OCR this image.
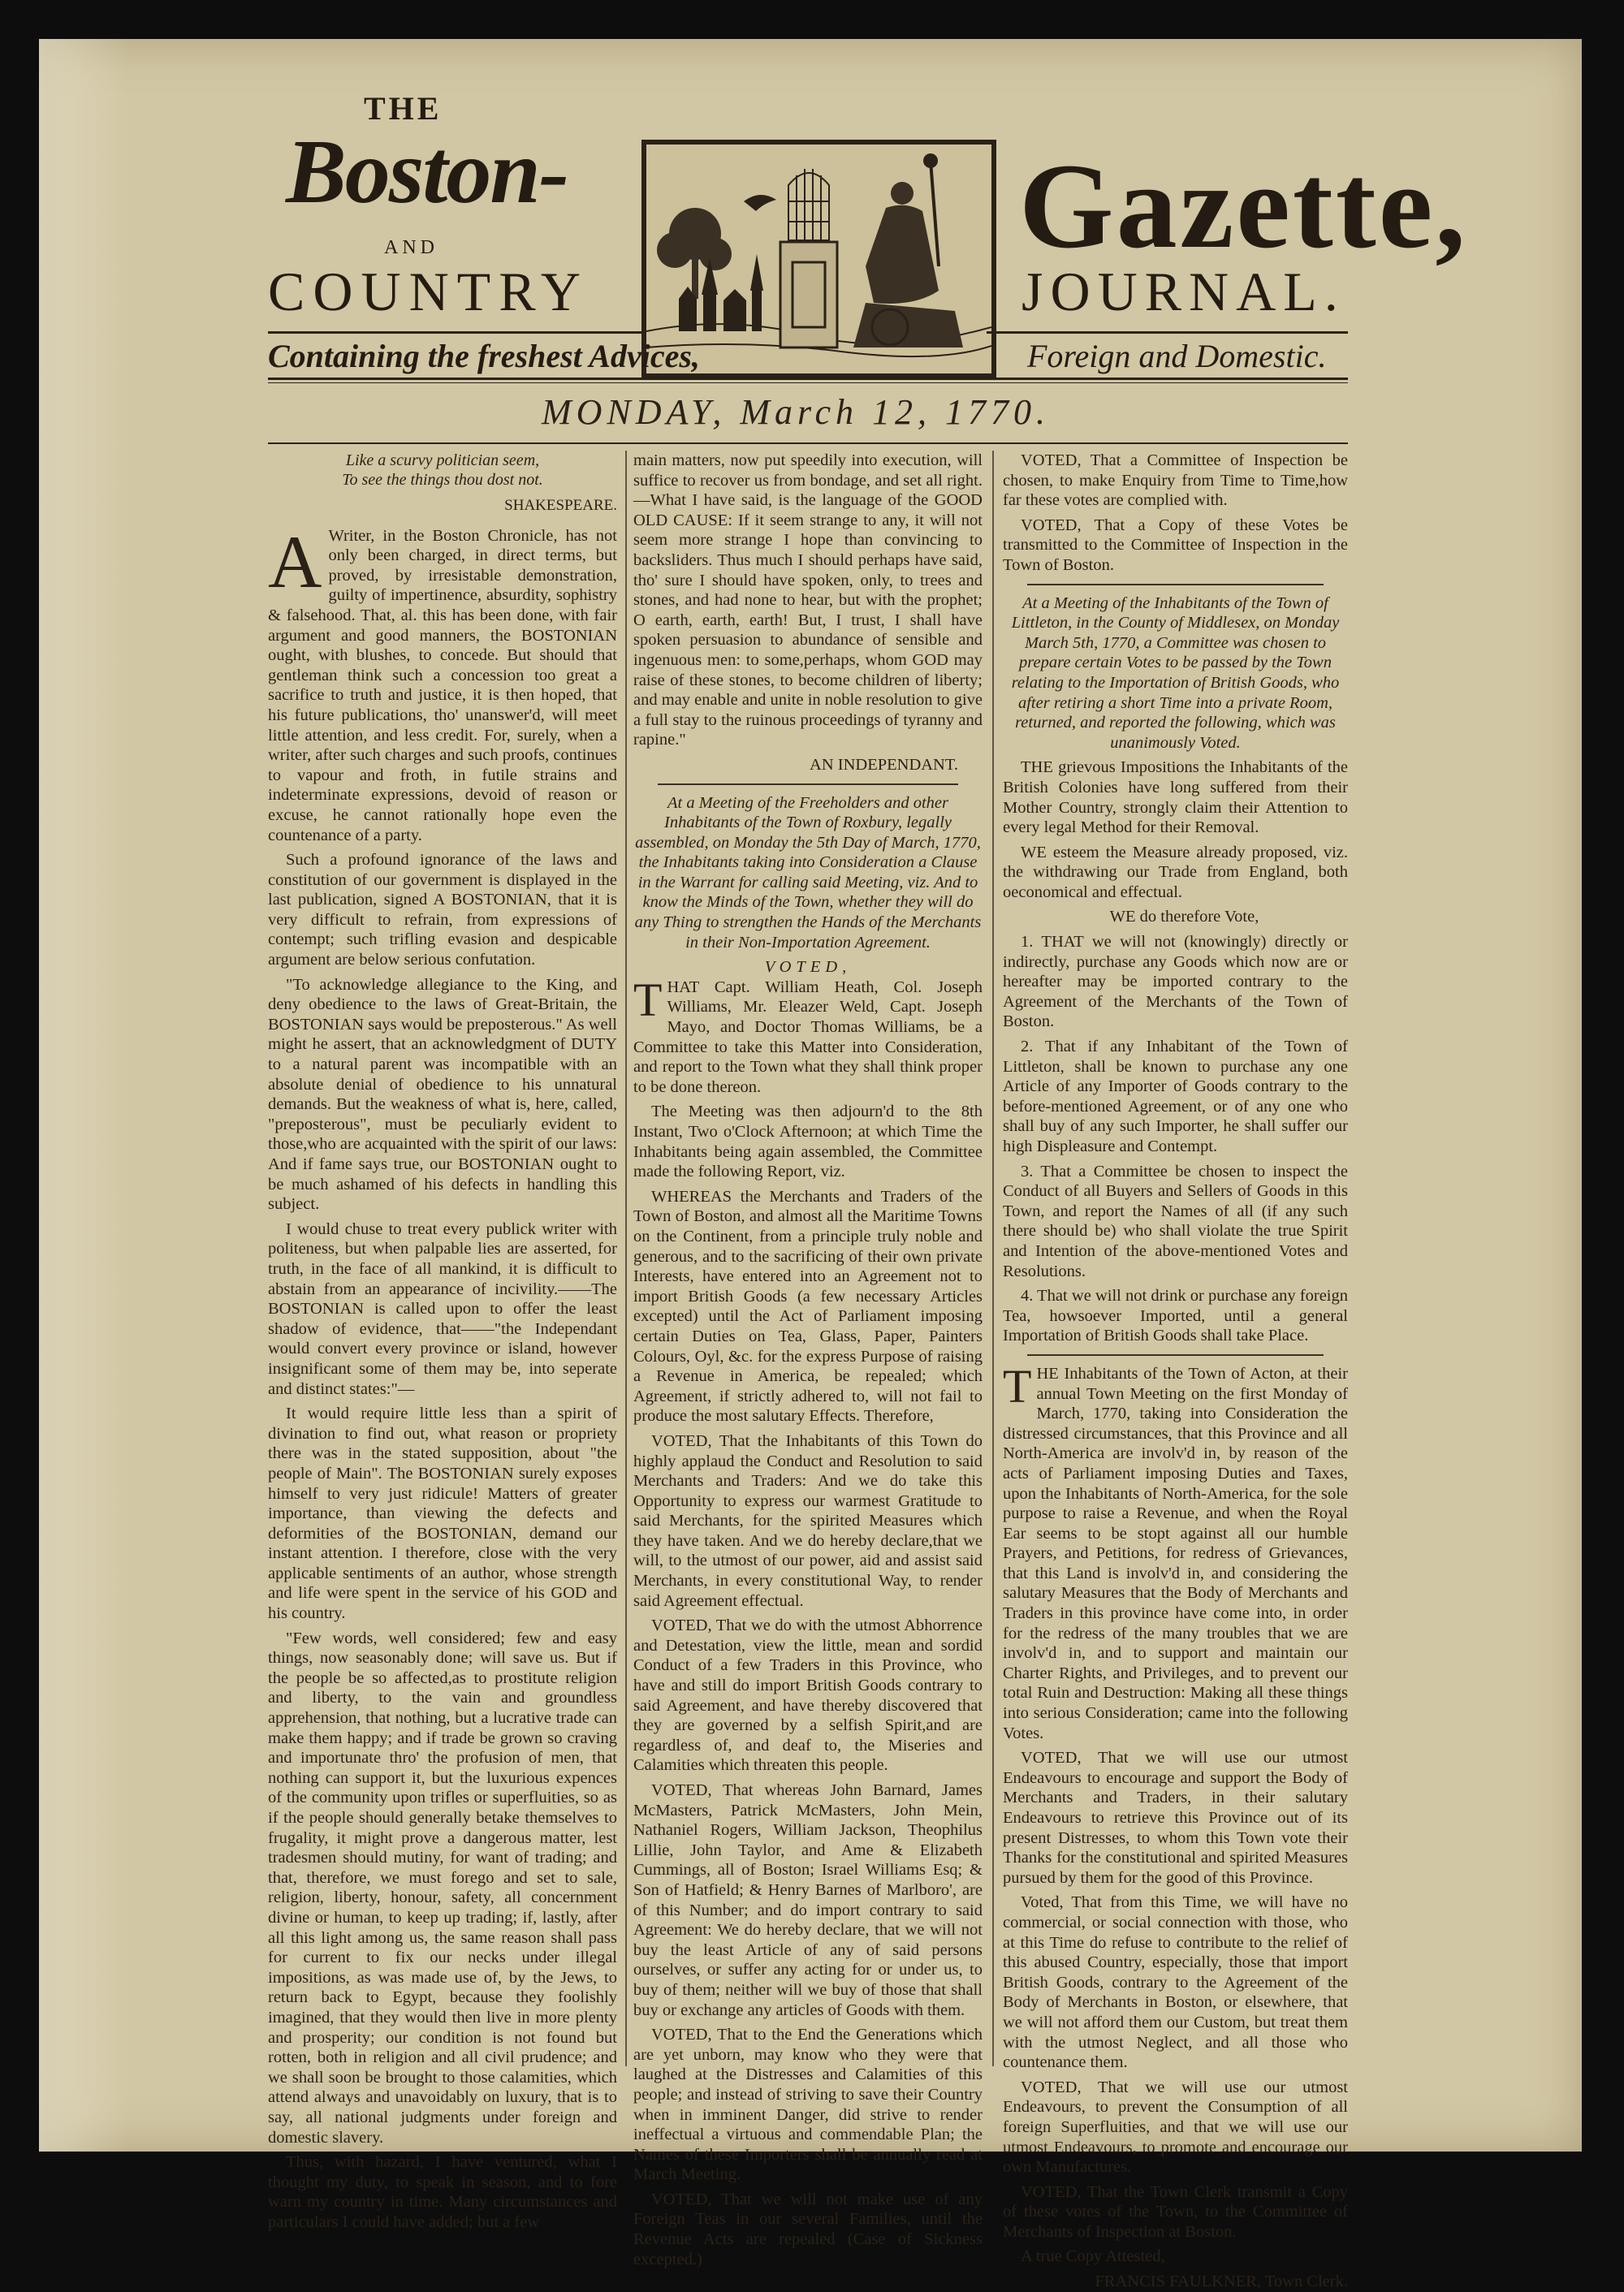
THE
Boston-
AND
COUNTRY
Gazette,
JOURNAL.
Containing the freshest Advices,	Foreign and Domestic.
MONDAY, March 12, 1770.
Like a scurvy politician seem,
To see the things thou dost not.
SHAKESPEARE.

A Writer, in the Boston Chronicle, has not only been charged, in direct terms, but proved, by irresistable demonstration, guilty of impertinence, absurdity, sophistry & falsehood. That, al. this has been done, with fair argument and good manners, the BOSTONIAN ought, with blushes, to concede. But should that gentleman think such a concession too great a sacrifice to truth and justice, it is then hoped, that his future publications, tho' unanswer'd, will meet little attention, and less credit. For, surely, when a writer, after such charges and such proofs, continues to vapour and froth, in futile strains and indeterminate expressions, devoid of reason or excuse, he cannot rationally hope even the countenance of a party.

Such a profound ignorance of the laws and constitution of our government is displayed in the last publication, signed A BOSTONIAN, that it is very difficult to refrain, from expressions of contempt; such trifling evasion and despicable argument are below serious confutation.

"To acknowledge allegiance to the King, and deny obedience to the laws of Great-Britain, the BOSTONIAN says would be preposterous." As well might he assert, that an acknowledgment of DUTY to a natural parent was incompatible with an absolute denial of obedience to his unnatural demands. But the weakness of what is, here, called, "preposterous", must be peculiarly evident to those,who are acquainted with the spirit of our laws: And if fame says true, our BOSTONIAN ought to be much ashamed of his defects in handling this subject.

I would chuse to treat every publick writer with politeness, but when palpable lies are asserted, for truth, in the face of all mankind, it is difficult to abstain from an appearance of incivility.——The BOSTONIAN is called upon to offer the least shadow of evidence, that——"the Independant would convert every province or island, however insignificant some of them may be, into seperate and distinct states:"—

It would require little less than a spirit of divination to find out, what reason or propriety there was in the stated supposition, about "the people of Main". The BOSTONIAN surely exposes himself to very just ridicule! Matters of greater importance, than viewing the defects and deformities of the BOSTONIAN, demand our instant attention. I therefore, close with the very applicable sentiments of an author, whose strength and life were spent in the service of his GOD and his country.

"Few words, well considered; few and easy things, now seasonably done; will save us. But if the people be so affected,as to prostitute religion and liberty, to the vain and groundless apprehension, that nothing, but a lucrative trade can make them happy; and if trade be grown so craving and importunate thro' the profusion of men, that nothing can support it, but the luxurious expences of the community upon trifles or superfluities, so as if the people should generally betake themselves to frugality, it might prove a dangerous matter, lest tradesmen should mutiny, for want of trading; and that, therefore, we must forego and set to sale, religion, liberty, honour, safety, all concernment divine or human, to keep up trading; if, lastly, after all this light among us, the same reason shall pass for current to fix our necks under illegal impositions, as was made use of, by the Jews, to return back to Egypt, because they foolishly imagined, that they would then live in more plenty and prosperity; our condition is not found but rotten, both in religion and all civil prudence; and we shall soon be brought to those calamities, which attend always and unavoidably on luxury, that is to say, all national judgments under foreign and domestic slavery.

Thus, with hazard, I have ventured, what I thought my duty, to speak in season, and to fore warn my country in time. Many circumstances and particulars I could have added; but a few

main matters, now put speedily into execution, will suffice to recover us from bondage, and set all right.—What I have said, is the language of the GOOD OLD CAUSE: If it seem strange to any, it will not seem more strange I hope than convincing to backsliders. Thus much I should perhaps have said, tho' sure I should have spoken, only, to trees and stones, and had none to hear, but with the prophet; O earth, earth, earth! But, I trust, I shall have spoken persuasion to abundance of sensible and ingenuous men: to some,perhaps, whom GOD may raise of these stones, to become children of liberty; and may enable and unite in noble resolution to give a full stay to the ruinous proceedings of tyranny and rapine."

AN INDEPENDANT.
At a Meeting of the Freeholders and other Inhabitants of the Town of Roxbury, legally assembled, on Monday the 5th Day of March, 1770, the Inhabitants taking into Consideration a Clause in the Warrant for calling said Meeting, viz. And to know the Minds of the Town, whether they will do any Thing to strengthen the Hands of the Merchants in their Non-Importation Agreement.
VOTED,

THAT Capt. William Heath, Col. Joseph Williams, Mr. Eleazer Weld, Capt. Joseph Mayo, and Doctor Thomas Williams, be a Committee to take this Matter into Consideration, and report to the Town what they shall think proper to be done thereon.

The Meeting was then adjourn'd to the 8th Instant, Two o'Clock Afternoon; at which Time the Inhabitants being again assembled, the Committee made the following Report, viz.

WHEREAS the Merchants and Traders of the Town of Boston, and almost all the Maritime Towns on the Continent, from a principle truly noble and generous, and to the sacrificing of their own private Interests, have entered into an Agreement not to import British Goods (a few necessary Articles excepted) until the Act of Parliament imposing certain Duties on Tea, Glass, Paper, Painters Colours, Oyl, &c. for the express Purpose of raising a Revenue in America, be repealed; which Agreement, if strictly adhered to, will not fail to produce the most salutary Effects. Therefore,

VOTED, That the Inhabitants of this Town do highly applaud the Conduct and Resolution to said Merchants and Traders: And we do take this Opportunity to express our warmest Gratitude to said Merchants, for the spirited Measures which they have taken. And we do hereby declare,that we will, to the utmost of our power, aid and assist said Merchants, in every constitutional Way, to render said Agreement effectual.

VOTED, That we do with the utmost Abhorrence and Detestation, view the little, mean and sordid Conduct of a few Traders in this Province, who have and still do import British Goods contrary to said Agreement, and have thereby discovered that they are governed by a selfish Spirit,and are regardless of, and deaf to, the Miseries and Calamities which threaten this people.

VOTED, That whereas John Barnard, James McMasters, Patrick McMasters, John Mein, Nathaniel Rogers, William Jackson, Theophilus Lillie, John Taylor, and Ame & Elizabeth Cummings, all of Boston; Israel Williams Esq; & Son of Hatfield; & Henry Barnes of Marlboro', are of this Number; and do import contrary to said Agreement: We do hereby declare, that we will not buy the least Article of any of said persons ourselves, or suffer any acting for or under us, to buy of them; neither will we buy of those that shall buy or exchange any articles of Goods with them.

VOTED, That to the End the Generations which are yet unborn, may know who they were that laughed at the Distresses and Calamities of this people; and instead of striving to save their Country when in imminent Danger, did strive to render ineffectual a virtuous and commendable Plan; the Names of these Importers shall be annually read at March Meeting.

VOTED, That we will not make use of any Foreign Teas in our several Families, until the Revenue Acts are repealed (Case of Sickness excepted.)

VOTED, That a Committee of Inspection be chosen, to make Enquiry from Time to Time,how far these votes are complied with.

VOTED, That a Copy of these Votes be transmitted to the Committee of Inspection in the Town of Boston.

At a Meeting of the Inhabitants of the Town of Littleton, in the County of Middlesex, on Monday March 5th, 1770, a Committee was chosen to prepare certain Votes to be passed by the Town relating to the Importation of British Goods, who after retiring a short Time into a private Room, returned, and reported the following, which was unanimously Voted.

THE grievous Impositions the Inhabitants of the British Colonies have long suffered from their Mother Country, strongly claim their Attention to every legal Method for their Removal.

WE esteem the Measure already proposed, viz. the withdrawing our Trade from England, both oeconomical and effectual.

WE do therefore Vote,

1. THAT we will not (knowingly) directly or indirectly, purchase any Goods which now are or hereafter may be imported contrary to the Agreement of the Merchants of the Town of Boston.

2. That if any Inhabitant of the Town of Littleton, shall be known to purchase any one Article of any Importer of Goods contrary to the before-mentioned Agreement, or of any one who shall buy of any such Importer, he shall suffer our high Displeasure and Contempt.

3. That a Committee be chosen to inspect the Conduct of all Buyers and Sellers of Goods in this Town, and report the Names of all (if any such there should be) who shall violate the true Spirit and Intention of the above-mentioned Votes and Resolutions.

4. That we will not drink or purchase any foreign Tea, howsoever Imported, until a general Importation of British Goods shall take Place.

THE Inhabitants of the Town of Acton, at their annual Town Meeting on the first Monday of March, 1770, taking into Consideration the distressed circumstances, that this Province and all North-America are involv'd in, by reason of the acts of Parliament imposing Duties and Taxes, upon the Inhabitants of North-America, for the sole purpose to raise a Revenue, and when the Royal Ear seems to be stopt against all our humble Prayers, and Petitions, for redress of Grievances, that this Land is involv'd in, and considering the salutary Measures that the Body of Merchants and Traders in this province have come into, in order for the redress of the many troubles that we are involv'd in, and to support and maintain our Charter Rights, and Privileges, and to prevent our total Ruin and Destruction: Making all these things into serious Consideration; came into the following Votes.

VOTED, That we will use our utmost Endeavours to encourage and support the Body of Merchants and Traders, in their salutary Endeavours to retrieve this Province out of its present Distresses, to whom this Town vote their Thanks for the constitutional and spirited Measures pursued by them for the good of this Province.

Voted, That from this Time, we will have no commercial, or social connection with those, who at this Time do refuse to contribute to the relief of this abused Country, especially, those that import British Goods, contrary to the Agreement of the Body of Merchants in Boston, or elsewhere, that we will not afford them our Custom, but treat them with the utmost Neglect, and all those who countenance them.

VOTED, That we will use our utmost Endeavours, to prevent the Consumption of all foreign Superfluities, and that we will use our utmost Endeavours, to promote and encourage our own Manufactures.

VOTED, That the Town Clerk transmit a Copy of these votes of the Town, to the Committee of Merchants of Inspection at Boston.

A true Copy Attested,

FRANCIS FAULKNER, Town Clerk.
